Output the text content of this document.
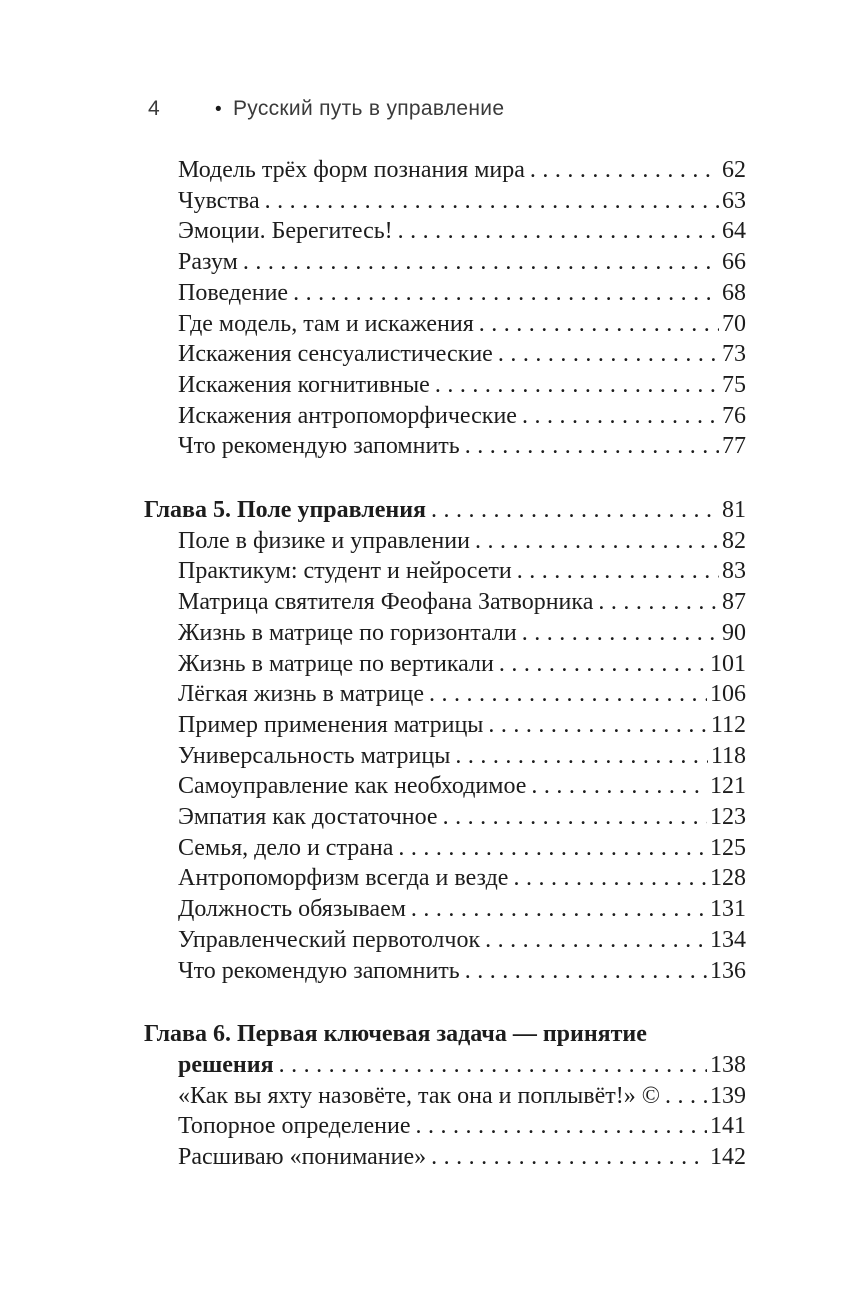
4	• Русский путь в управление
Модель трёх форм познания мира .....	62
Чувства .....	63
Эмоции. Берегитесь! .....	64
Разум .....	66
Поведение .....	68
Где модель, там и искажения .....	70
Искажения сенсуалистические .....	73
Искажения когнитивные .....	75
Искажения антропоморфические .....	76
Что рекомендую запомнить .....	77
Глава 5. Поле управления .....	81
Поле в физике и управлении .....	82
Практикум: студент и нейросети .....	83
Матрица святителя Феофана Затворника .....	87
Жизнь в матрице по горизонтали .....	90
Жизнь в матрице по вертикали .....	101
Лёгкая жизнь в матрице .....	106
Пример применения матрицы .....	112
Универсальность матрицы .....	118
Самоуправление как необходимое .....	121
Эмпатия как достаточное .....	123
Семья, дело и страна .....	125
Антропоморфизм всегда и везде .....	128
Должность обязываем .....	131
Управленческий первотолчок .....	134
Что рекомендую запомнить .....	136
Глава 6. Первая ключевая задача — принятие
решения .....	138
«Как вы яхту назовёте, так она и поплывёт!» © ..... 139
Топорное определение .....	141
Расшиваю «понимание» .....	142
